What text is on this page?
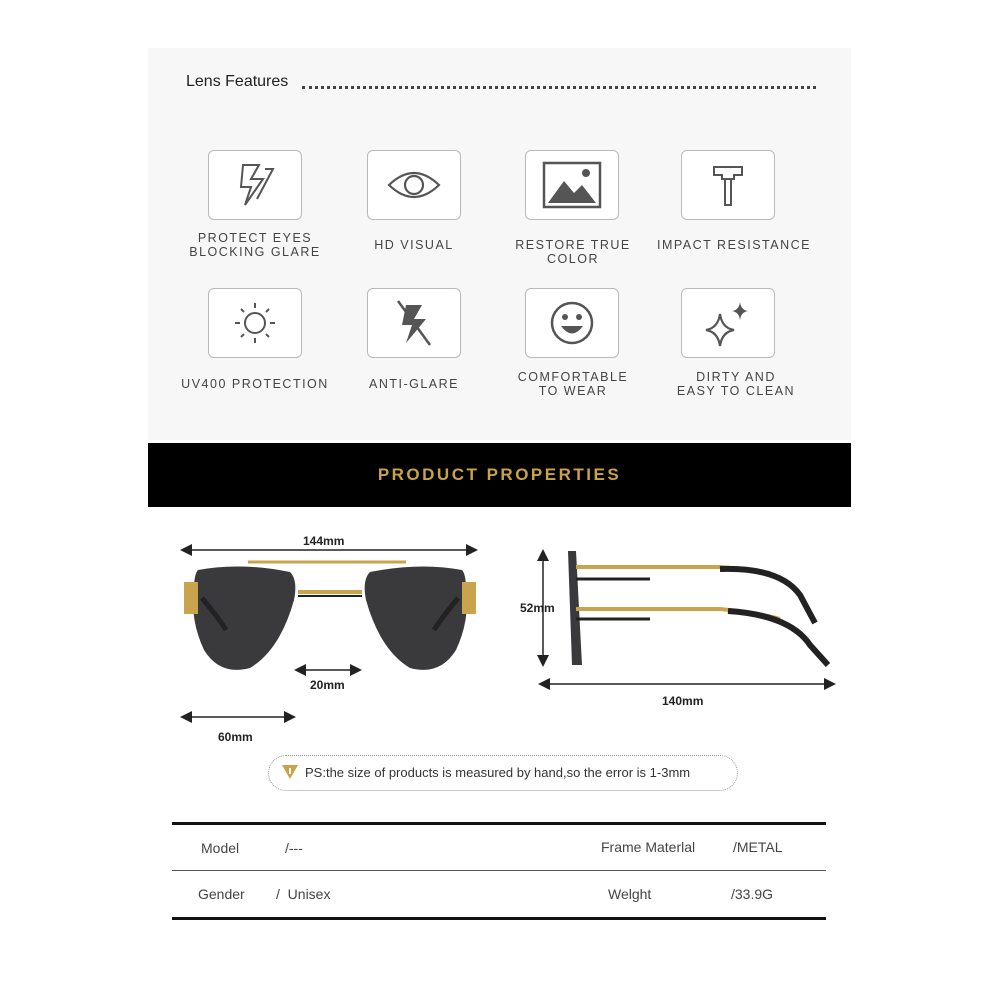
Lens Features
PROTECT EYES
BLOCKING GLARE	HD VISUAL	RESTORE TRUE COLOR
IMPACT RESISTANCE
UV400 PROTECTION	ANTI-GLARE	COMFORTABLE
TO WEAR
DIRTY AND
EASY TO CLEAN
PRODUCT PROPERTIES
144mm
20mm
60mm
52mm
140mm
PS:the size of products is measured by hand,so the error is 1-3mm
Model	/---	Frame Materlal	/METAL
Gender /  Unisex	Welght	/33.9G
